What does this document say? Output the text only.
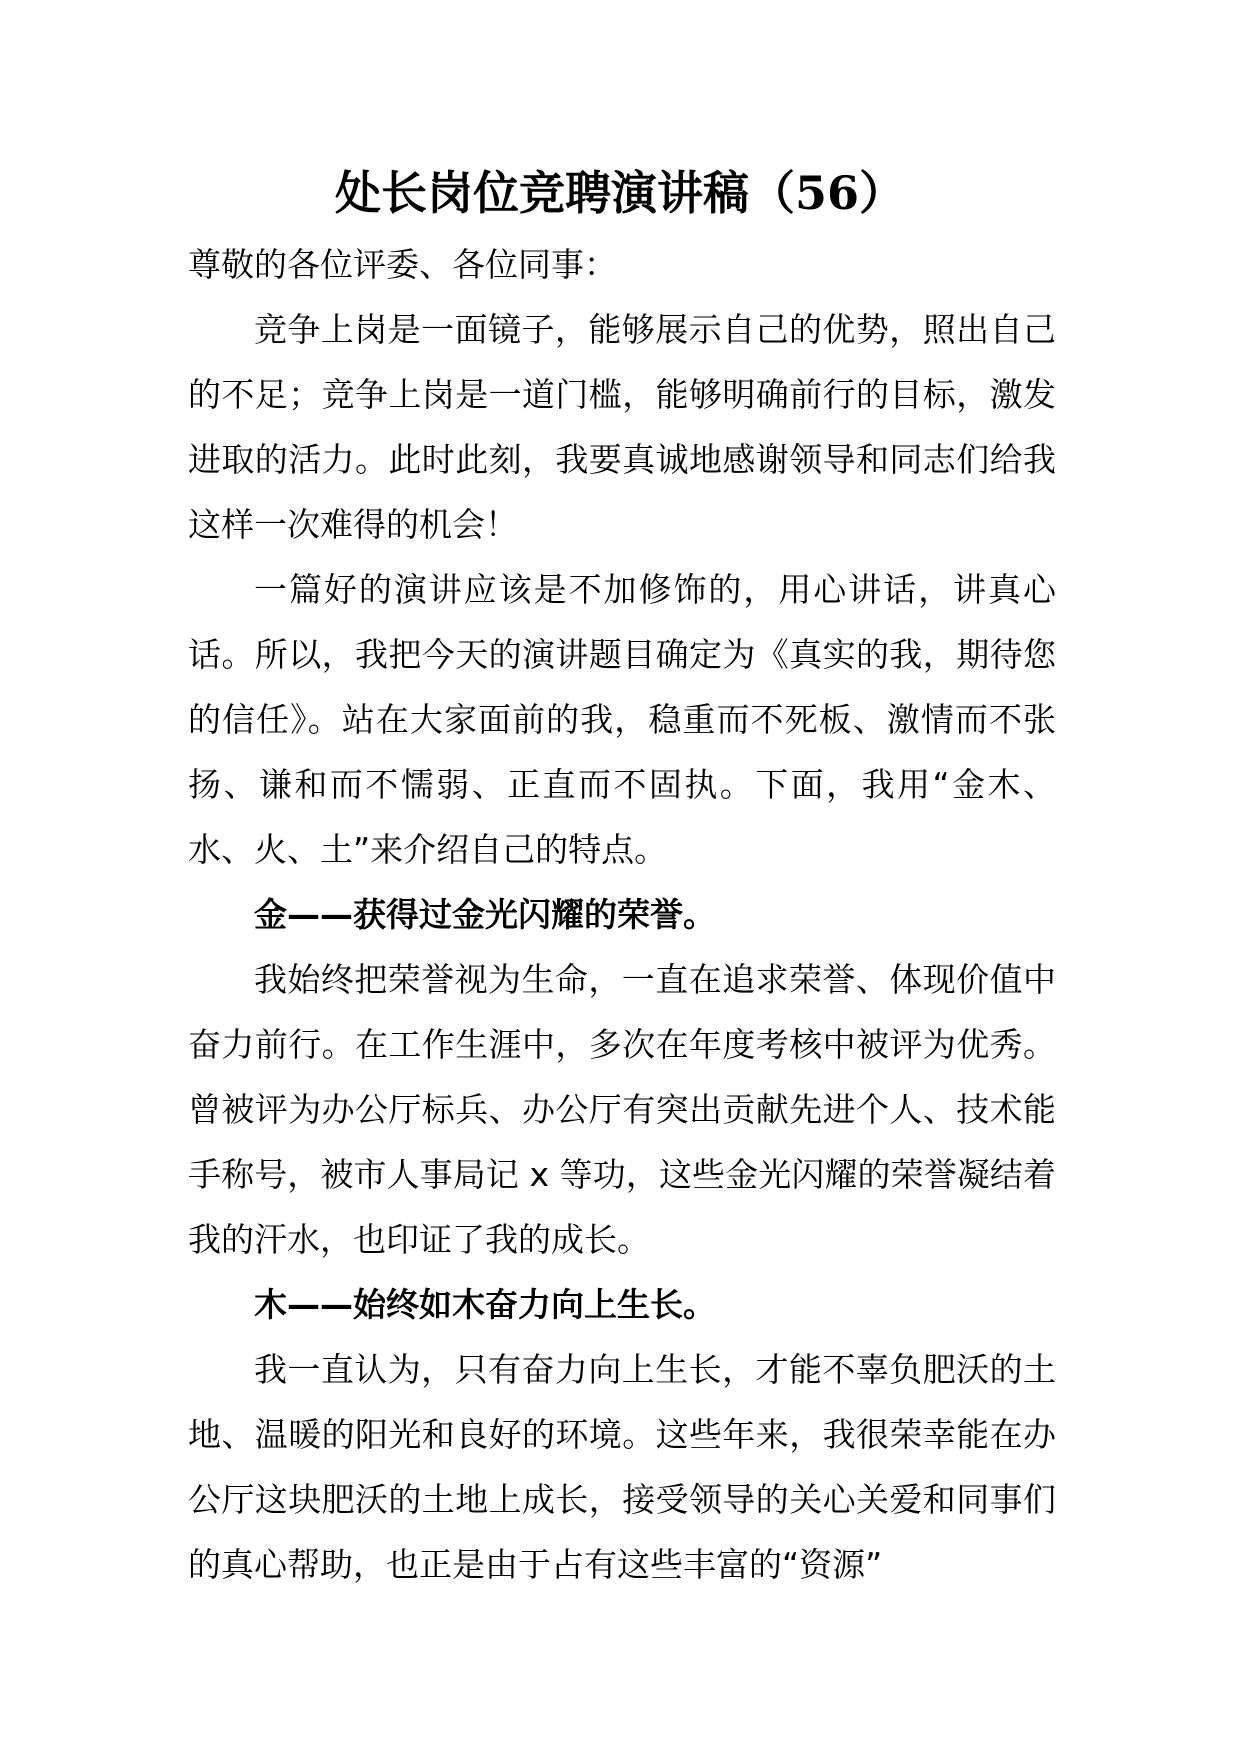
处长岗位竞聘演讲稿（56）

尊敬的各位评委、各位同事：

竞争上岗是一面镜子，能够展示自己的优势，照出自己的不足；竞争上岗是一道门槛，能够明确前行的目标，激发进取的活力。此时此刻，我要真诚地感谢领导和同志们给我这样一次难得的机会！

一篇好的演讲应该是不加修饰的，用心讲话，讲真心话。所以，我把今天的演讲题目确定为《真实的我，期待您的信任》。站在大家面前的我，稳重而不死板、激情而不张扬、谦和而不懦弱、正直而不固执。下面，我用“金木、水、火、土”来介绍自己的特点。

金——获得过金光闪耀的荣誉。

我始终把荣誉视为生命，一直在追求荣誉、体现价值中奋力前行。在工作生涯中，多次在年度考核中被评为优秀。曾被评为办公厅标兵、办公厅有突出贡献先进个人、技术能手称号，被市人事局记 x 等功，这些金光闪耀的荣誉凝结着我的汗水，也印证了我的成长。

木——始终如木奋力向上生长。

我一直认为，只有奋力向上生长，才能不辜负肥沃的土地、温暖的阳光和良好的环境。这些年来，我很荣幸能在办公厅这块肥沃的土地上成长，接受领导的关心关爱和同事们的真心帮助，也正是由于占有这些丰富的“资源”
